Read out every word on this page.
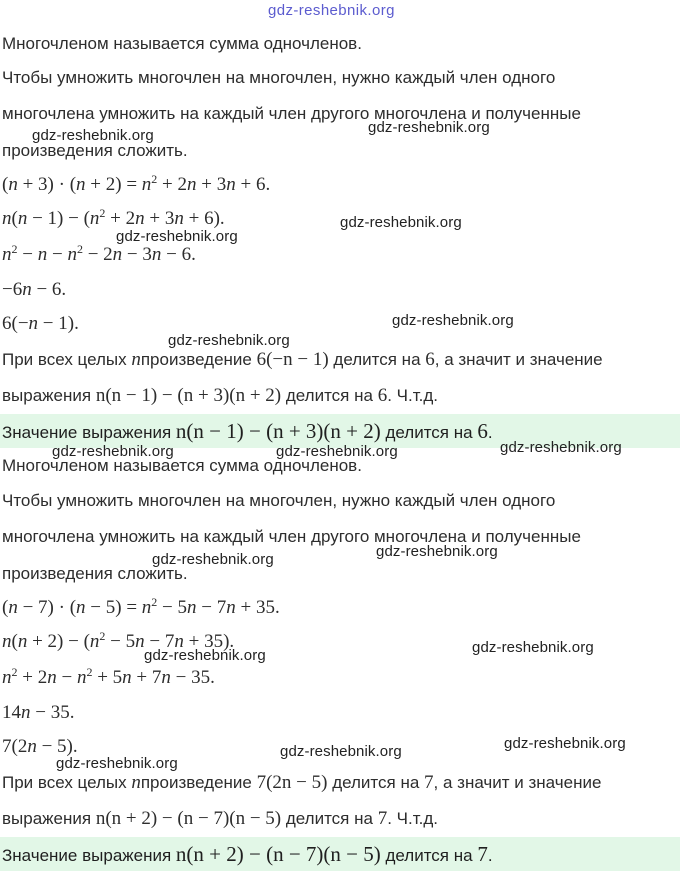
Многочленом называется сумма одночленов.
Чтобы умножить многочлен на многочлен, нужно каждый член одного
многочлена умножить на каждый член другого многочлена и полученные
произведения сложить.
$(n + 3) \cdot (n + 2) = n^2 + 2n + 3n + 6$.
$n(n - 1) - (n^2 + 2n + 3n + 6)$.
$n^2 - n - n^2 - 2n - 3n - 6$.
−6n − 6.
6(−n − 1).
При всех целых nпроизведение 6(−n − 1) делится на 6, а значит и значение
выражения n(n − 1) − (n + 3)(n + 2) делится на 6. Ч.т.д.
Значение выражения n(n − 1) − (n + 3)(n + 2) делится на 6.
Многочленом называется сумма одночленов.
Чтобы умножить многочлен на многочлен, нужно каждый член одного
многочлена умножить на каждый член другого многочлена и полученные
произведения сложить.
$(n - 7) \cdot (n - 5) = n^2 - 5n - 7n + 35$.
$n(n + 2) - (n^2 - 5n - 7n + 35)$.
$n^2 + 2n - n^2 + 5n + 7n - 35$.
14n − 35.
7(2n − 5).
При всех целых nпроизведение 7(2n − 5) делится на 7, а значит и значение
выражения n(n + 2) − (n − 7)(n − 5) делится на 7. Ч.т.д.
Значение выражения n(n + 2) − (n − 7)(n − 5) делится на 7.
gdz-reshebnik.org
gdz-reshebnik.org	gdz-reshebnik.org
gdz-reshebnik.org
gdz-reshebnik.org
gdz-reshebnik.org
gdz-reshebnik.org
gdz-reshebnik.org	gdz-reshebnik.org	gdz-reshebnik.org
gdz-reshebnik.org	gdz-reshebnik.org
gdz-reshebnik.org	gdz-reshebnik.org
gdz-reshebnik.org
gdz-reshebnik.org	gdz-reshebnik.org
